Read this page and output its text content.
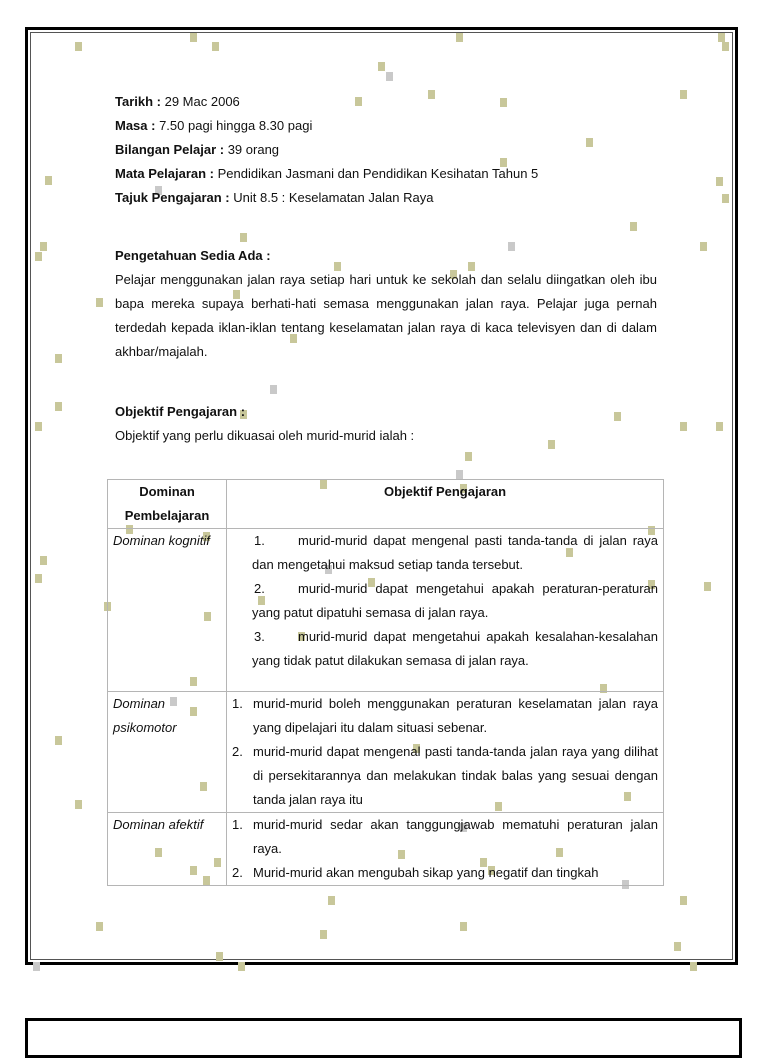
Tarikh : 29 Mac 2006
Masa : 7.50 pagi hingga 8.30 pagi
Bilangan Pelajar : 39 orang
Mata Pelajaran : Pendidikan Jasmani dan Pendidikan Kesihatan Tahun 5
Tajuk Pengajaran : Unit 8.5 : Keselamatan Jalan Raya
Pengetahuan Sedia Ada :
Pelajar menggunakan jalan raya setiap hari untuk ke sekolah dan selalu diingatkan oleh ibu bapa mereka supaya berhati-hati semasa menggunakan jalan raya. Pelajar juga pernah terdedah kepada iklan-iklan tentang keselamatan jalan raya di kaca televisyen dan di dalam akhbar/majalah.
Objektif Pengajaran :
Objektif yang perlu dikuasai oleh murid-murid ialah :
Dominan Pembelajaran	Objektif Pengajaran
Dominan kognitif	1. murid-murid dapat mengenal pasti tanda-tanda di jalan raya dan mengetahui maksud setiap tanda tersebut.
2. murid-murid dapat mengetahui apakah peraturan-peraturan yang patut dipatuhi semasa di jalan raya.
3. murid-murid dapat mengetahui apakah kesalahan-kesalahan yang tidak patut dilakukan semasa di jalan raya.

Dominan psikomotor	1. murid-murid boleh menggunakan peraturan keselamatan jalan raya yang dipelajari itu dalam situasi sebenar.
2. murid-murid dapat mengenal pasti tanda-tanda jalan raya yang dilihat di persekitarannya dan melakukan tindak balas yang sesuai dengan tanda jalan raya itu

Dominan afektif	1. murid-murid sedar akan tanggungjawab mematuhi peraturan jalan raya.
2. Murid-murid akan mengubah sikap yang negatif dan tingkah
